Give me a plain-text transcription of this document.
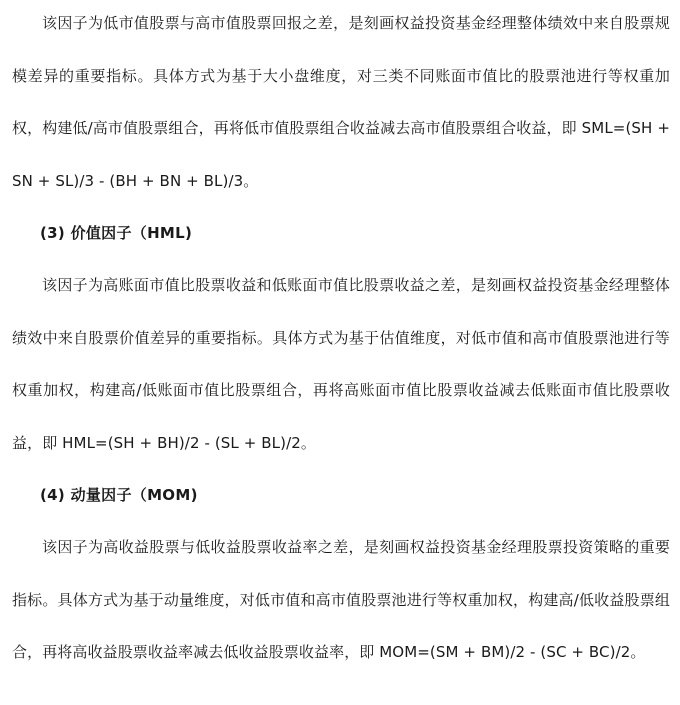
该因子为低市值股票与高市值股票回报之差，是刻画权益投资基金经理整体绩效中来自股票规模差异的重要指标。具体方式为基于大小盘维度，对三类不同账面市值比的股票池进行等权重加权，构建低/高市值股票组合，再将低市值股票组合收益减去高市值股票组合收益，即 SML=(SH + SN + SL)/3 - (BH + BN + BL)/3。

(3) 价值因子（HML)

该因子为高账面市值比股票收益和低账面市值比股票收益之差，是刻画权益投资基金经理整体绩效中来自股票价值差异的重要指标。具体方式为基于估值维度，对低市值和高市值股票池进行等权重加权，构建高/低账面市值比股票组合，再将高账面市值比股票收益减去低账面市值比股票收益，即 HML=(SH + BH)/2 - (SL + BL)/2。

(4) 动量因子（MOM)

该因子为高收益股票与低收益股票收益率之差，是刻画权益投资基金经理股票投资策略的重要指标。具体方式为基于动量维度，对低市值和高市值股票池进行等权重加权，构建高/低收益股票组合，再将高收益股票收益率减去低收益股票收益率，即 MOM=(SM + BM)/2 - (SC + BC)/2。
